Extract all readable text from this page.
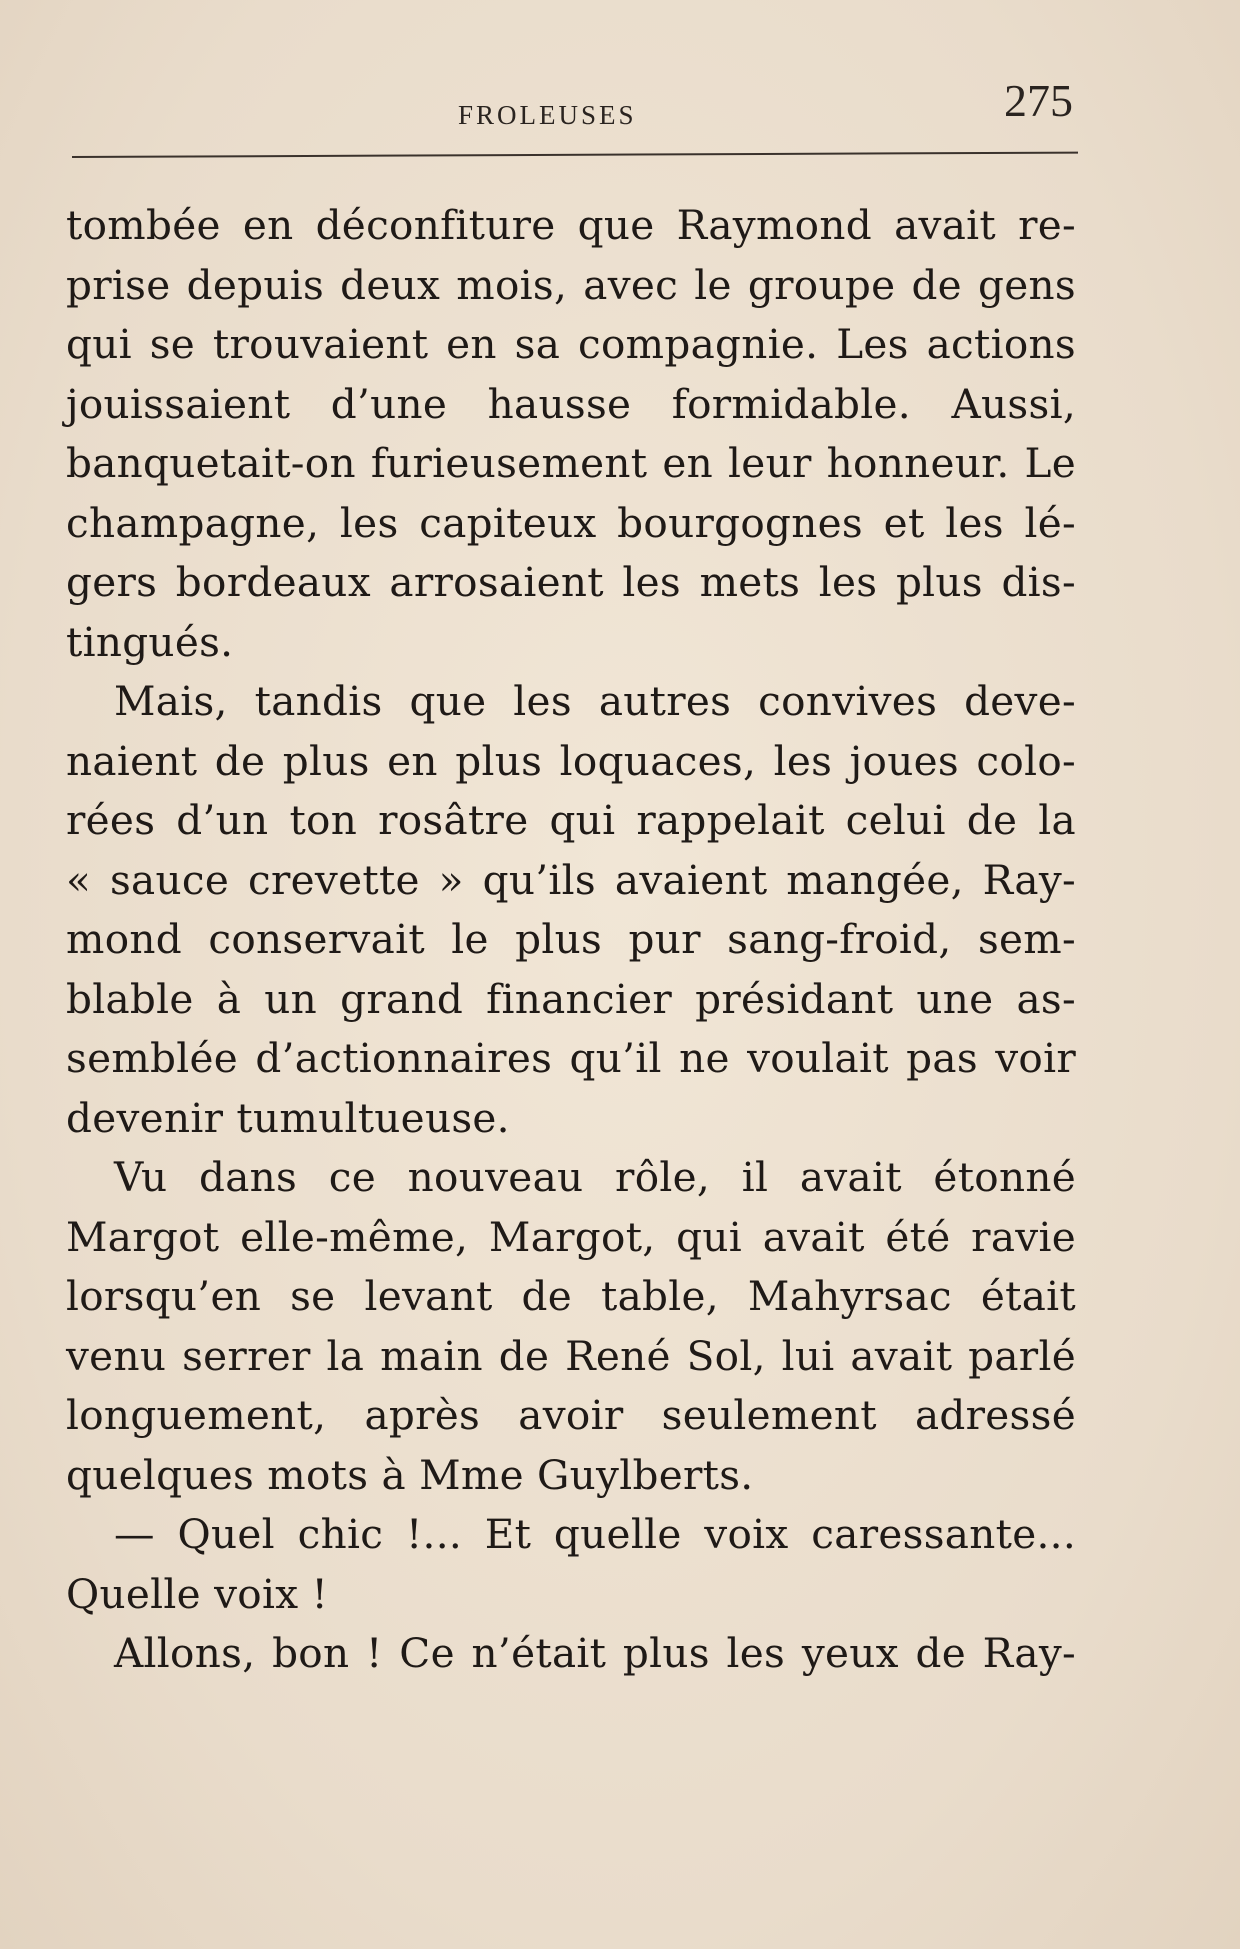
FROLEUSES	275
tombée en déconfiture que Raymond avait re-
prise depuis deux mois, avec le groupe de gens
qui se trouvaient en sa compagnie. Les actions
jouissaient d’une hausse formidable. Aussi,
banquetait-on furieusement en leur honneur. Le
champagne, les capiteux bourgognes et les lé-
gers bordeaux arrosaient les mets les plus dis-
tingués.
Mais, tandis que les autres convives deve-
naient de plus en plus loquaces, les joues colo-
rées d’un ton rosâtre qui rappelait celui de la
« sauce crevette » qu’ils avaient mangée, Ray-
mond conservait le plus pur sang-froid, sem-
blable à un grand financier présidant une as-
semblée d’actionnaires qu’il ne voulait pas voir
devenir tumultueuse.
Vu dans ce nouveau rôle, il avait étonné
Margot elle-même, Margot, qui avait été ravie
lorsqu’en se levant de table, Mahyrsac était
venu serrer la main de René Sol, lui avait parlé
longuement, après avoir seulement adressé
quelques mots à Mme Guylberts.
— Quel chic !... Et quelle voix caressante...
Quelle voix !
Allons, bon ! Ce n’était plus les yeux de Ray-
